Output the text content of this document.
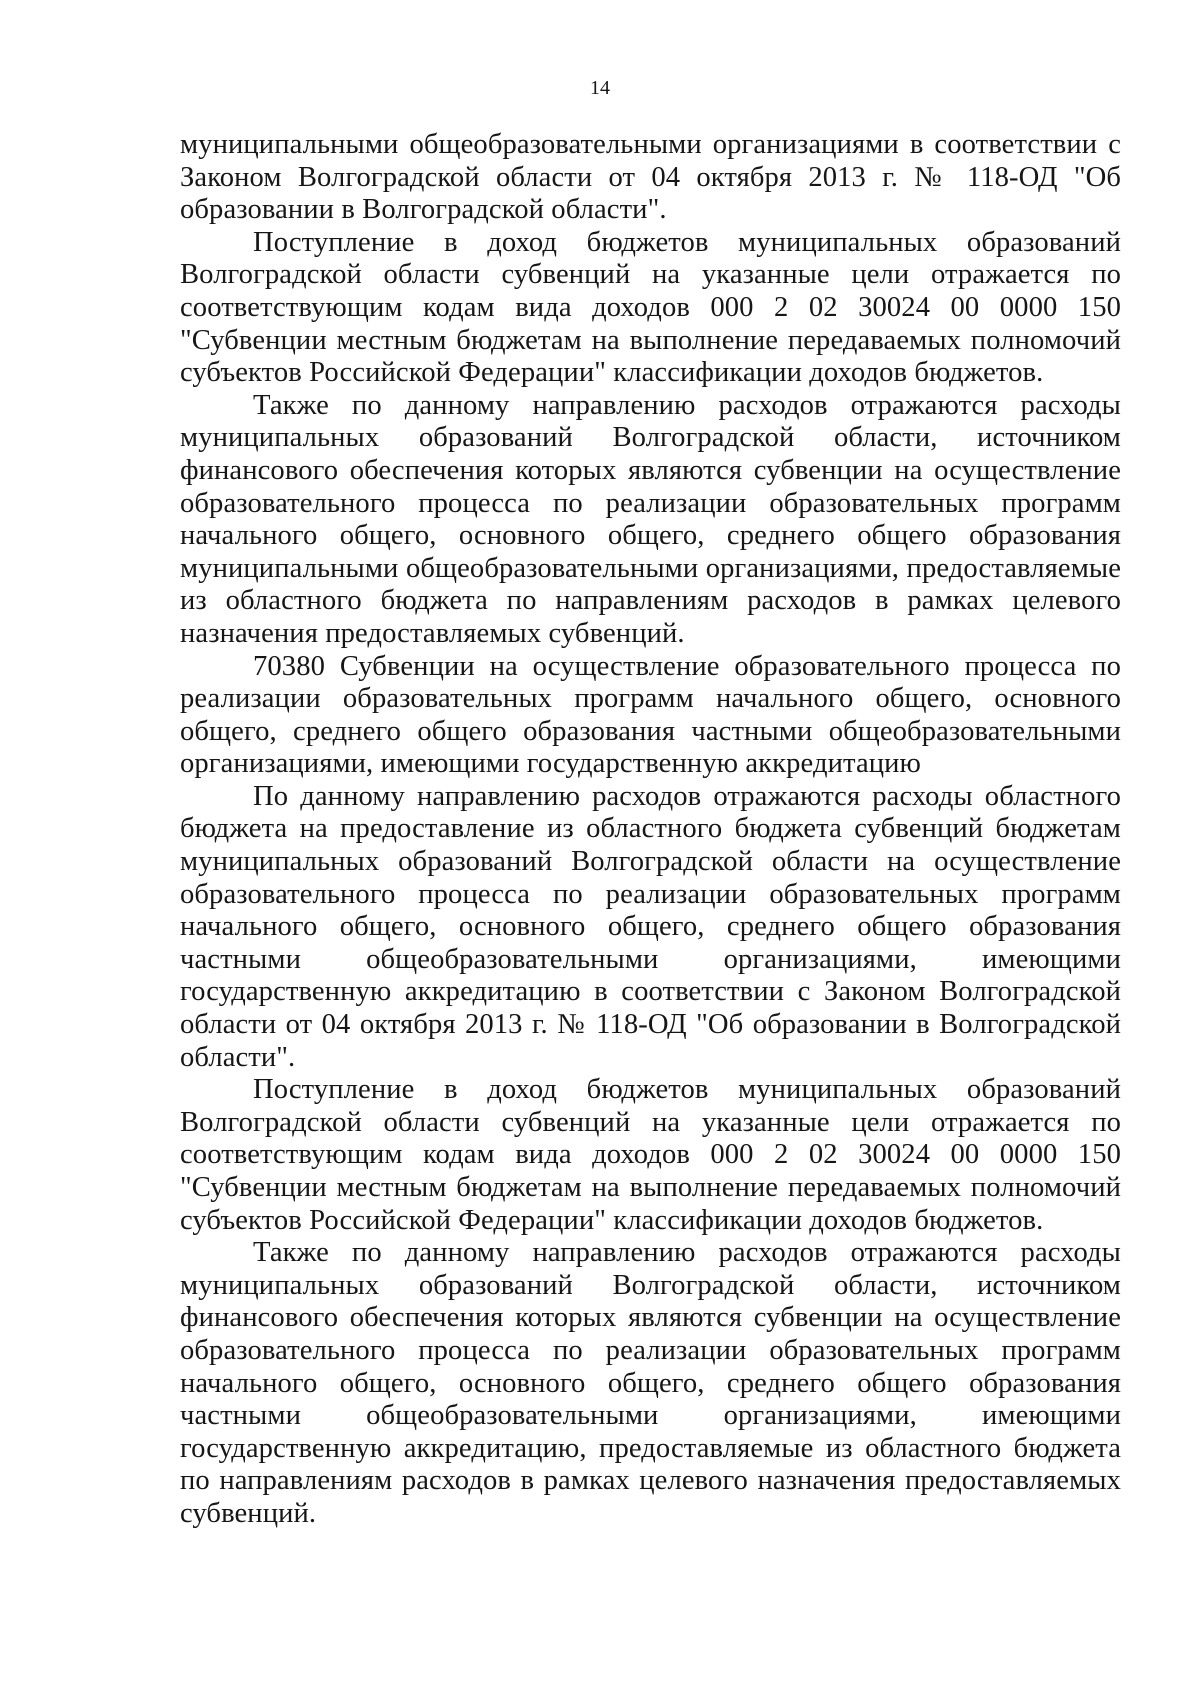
14

муниципальными общеобразовательными организациями в соответствии с Законом Волгоградской области от 04 октября 2013 г. № 118-ОД "Об образовании в Волгоградской области".

Поступление в доход бюджетов муниципальных образований Волгоградской области субвенций на указанные цели отражается по соответствующим кодам вида доходов 000 2 02 30024 00 0000 150 "Субвенции местным бюджетам на выполнение передаваемых полномочий субъектов Российской Федерации" классификации доходов бюджетов.

Также по данному направлению расходов отражаются расходы муниципальных образований Волгоградской области, источником финансового обеспечения которых являются субвенции на осуществление образовательного процесса по реализации образовательных программ начального общего, основного общего, среднего общего образования муниципальными общеобразовательными организациями, предоставляемые из областного бюджета по направлениям расходов в рамках целевого назначения предоставляемых субвенций.

70380 Субвенции на осуществление образовательного процесса по реализации образовательных программ начального общего, основного общего, среднего общего образования частными общеобразовательными организациями, имеющими государственную аккредитацию

По данному направлению расходов отражаются расходы областного бюджета на предоставление из областного бюджета субвенций бюджетам муниципальных образований Волгоградской области на осуществление образовательного процесса по реализации образовательных программ начального общего, основного общего, среднего общего образования частными общеобразовательными организациями, имеющими государственную аккредитацию в соответствии с Законом Волгоградской области от 04 октября 2013 г. № 118-ОД "Об образовании в Волгоградской области".

Поступление в доход бюджетов муниципальных образований Волгоградской области субвенций на указанные цели отражается по соответствующим кодам вида доходов 000 2 02 30024 00 0000 150 "Субвенции местным бюджетам на выполнение передаваемых полномочий субъектов Российской Федерации" классификации доходов бюджетов.

Также по данному направлению расходов отражаются расходы муниципальных образований Волгоградской области, источником финансового обеспечения которых являются субвенции на осуществление образовательного процесса по реализации образовательных программ начального общего, основного общего, среднего общего образования частными общеобразовательными организациями, имеющими государственную аккредитацию, предоставляемые из областного бюджета по направлениям расходов в рамках целевого назначения предоставляемых субвенций.
